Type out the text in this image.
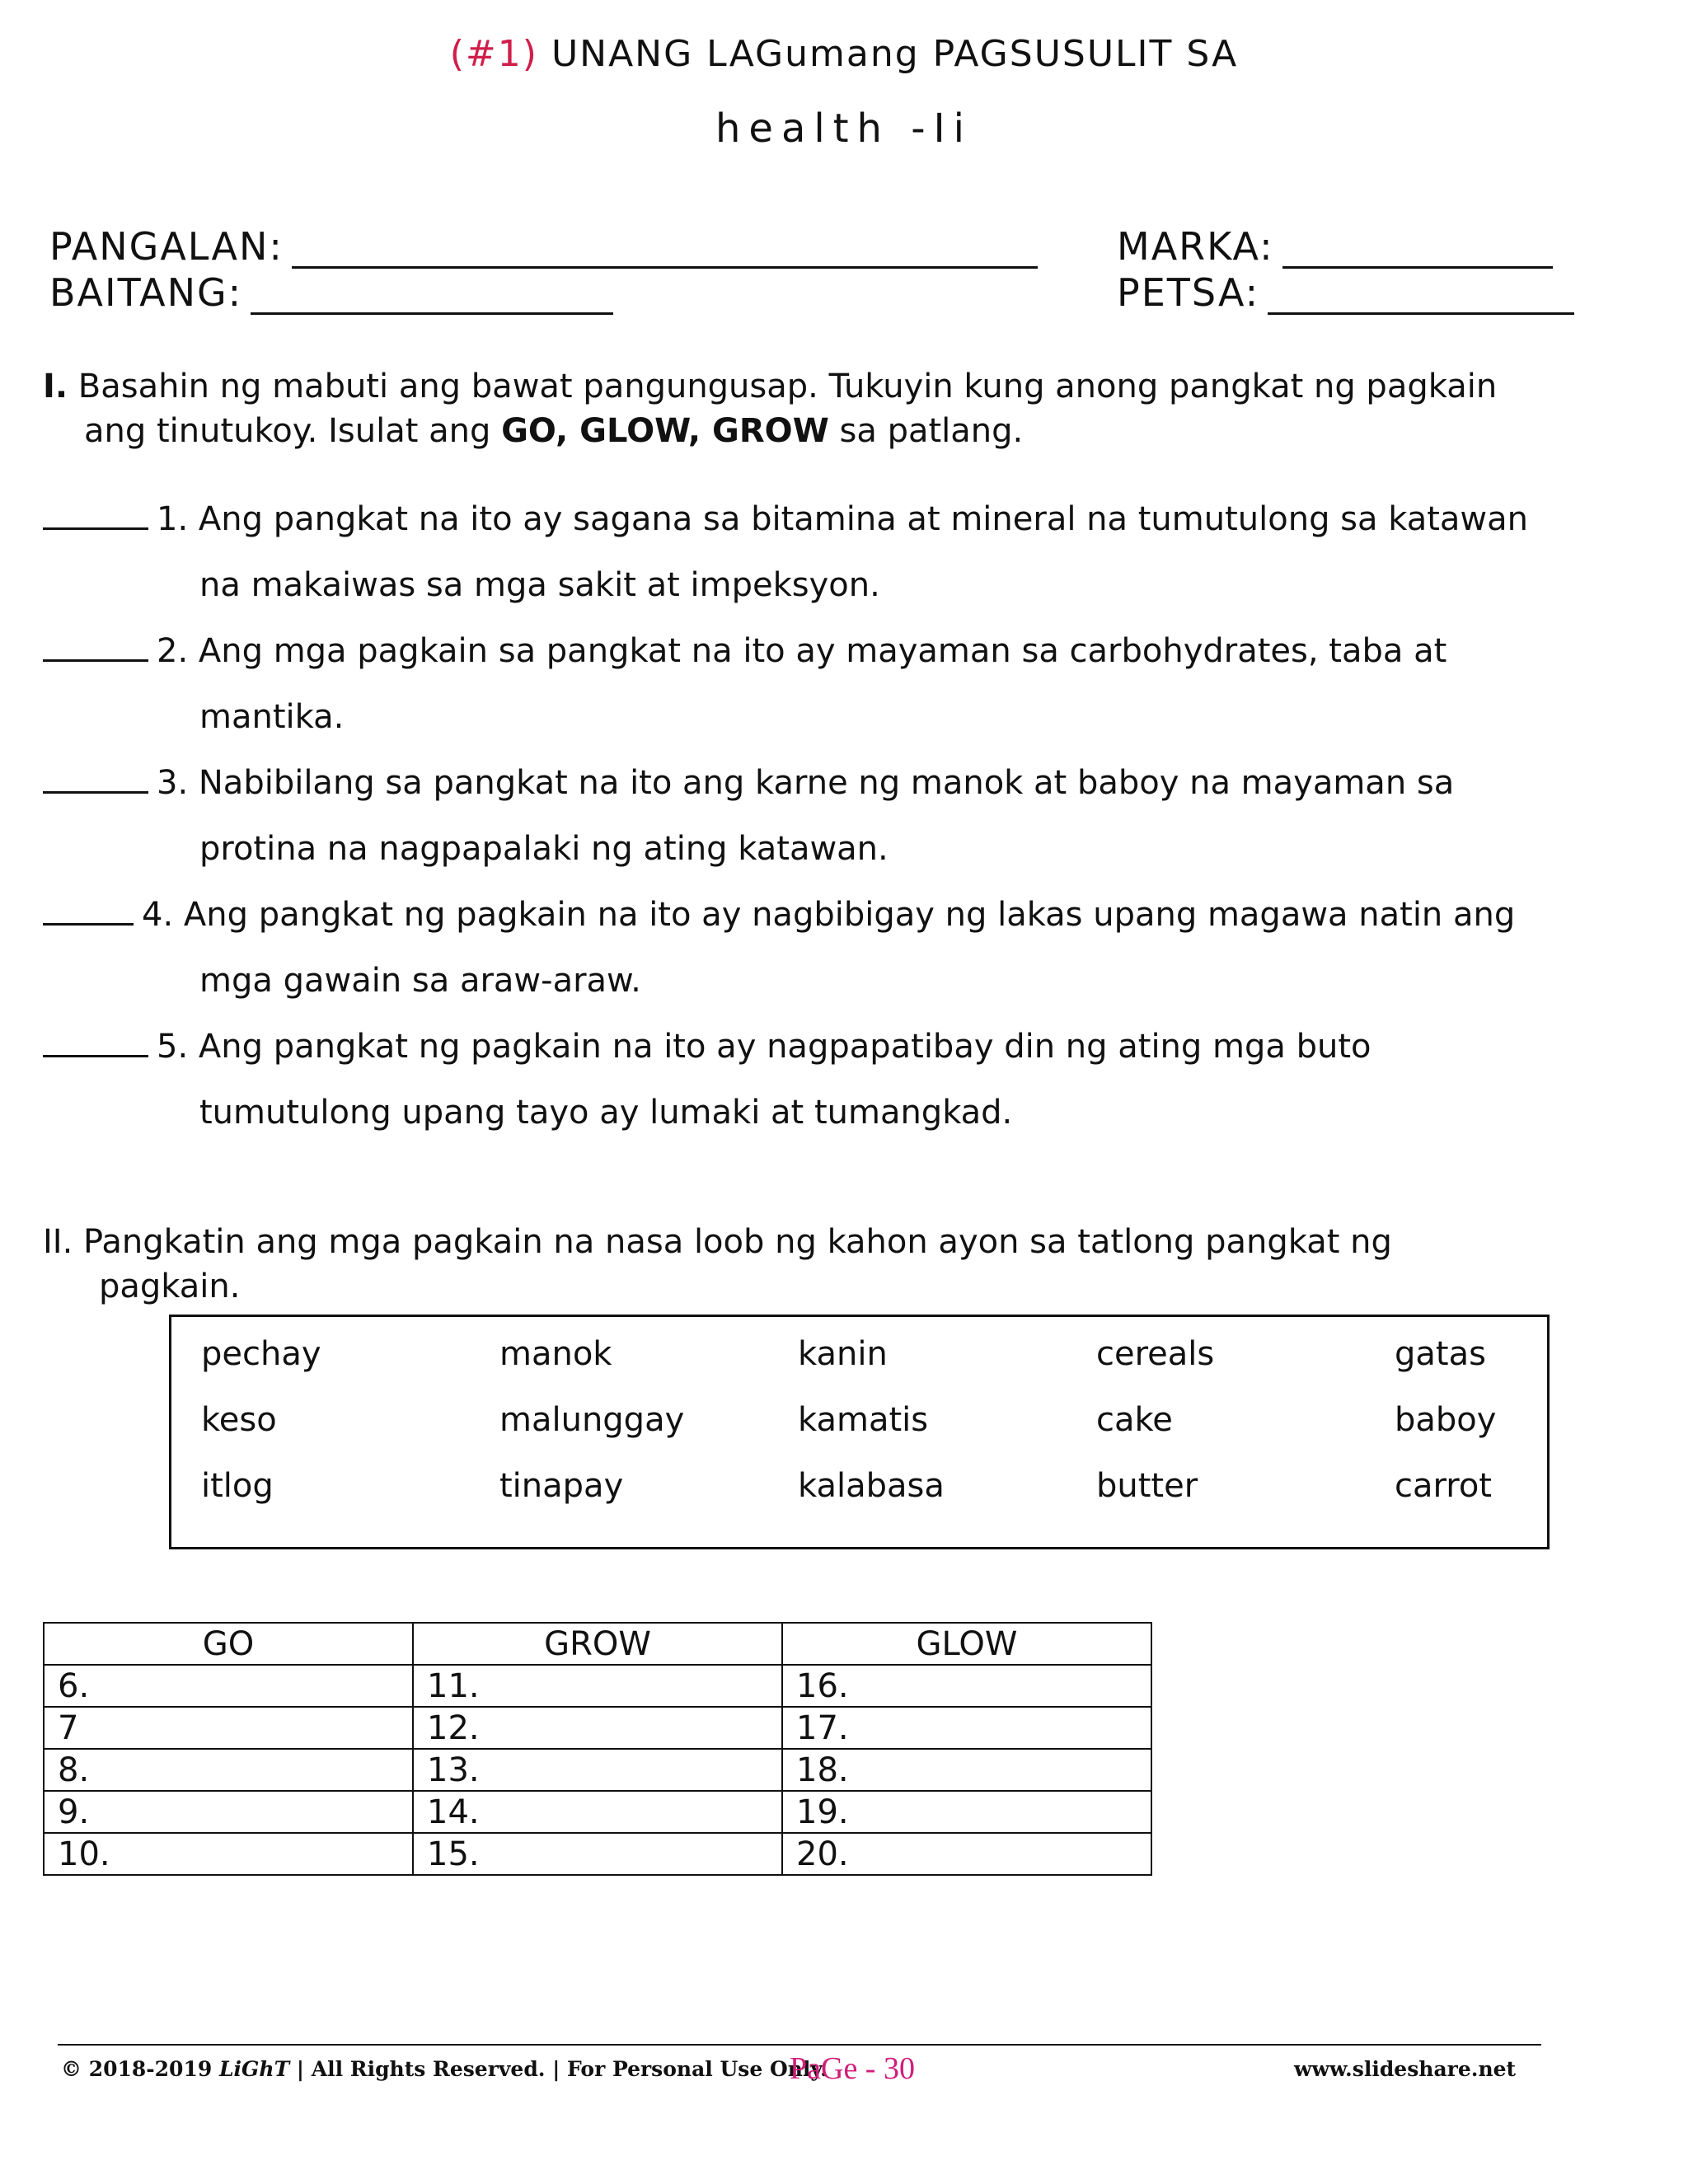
(#1) UNANG LAGumang PAGSUSULIT SA
health -Ii
PANGALAN:
BAITANG:
MARKA:
PETSA:
I. Basahin ng mabuti ang bawat pangungusap. Tukuyin kung anong pangkat ng pagkain
ang tinutukoy. Isulat ang GO, GLOW, GROW sa patlang.
1. Ang pangkat na ito ay sagana sa bitamina at mineral na tumutulong sa katawan
na makaiwas sa mga sakit at impeksyon.
2. Ang mga pagkain sa pangkat na ito ay mayaman sa carbohydrates, taba at
mantika.
3. Nabibilang sa pangkat na ito ang karne ng manok at baboy na mayaman sa
protina na nagpapalaki ng ating katawan.
4. Ang pangkat ng pagkain na ito ay nagbibigay ng lakas upang magawa natin ang
mga gawain sa araw-araw.
5. Ang pangkat ng pagkain na ito ay nagpapatibay din ng ating mga buto
tumutulong upang tayo ay lumaki at tumangkad.
II. Pangkatin ang mga pagkain na nasa loob ng kahon ayon sa tatlong pangkat ng
pagkain.
pechay	manok	kanin	cereals	gatas
keso	malunggay	kamatis	cake	baboy
itlog	tinapay	kalabasa	butter	carrot
GO	GROW	GLOW
6.	11.	16.
7	12.	17.
8.	13.	18.
9.	14.	19.
10.	15.	20.
© 2018-2019 LiGhT | All Rights Reserved. | For Personal Use Only.
PaGe - 30	www.slideshare.net
